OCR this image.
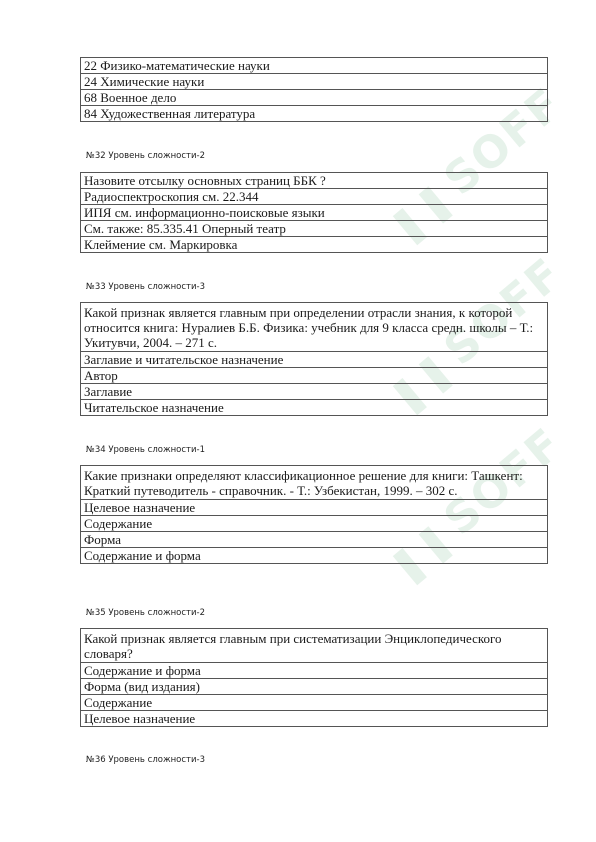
❚❚SOFF
❚❚SOFF
❚❚SOFF
22 Физико-математические науки
24 Химические науки
68 Военное дело
84 Художественная литература
№32 Уровень сложности-2
Назовите отсылку основных страниц ББК ?
Радиоспектроскопия см. 22.344
ИПЯ см. информационно-поисковые языки
См. также: 85.335.41 Оперный театр
Клеймение см. Маркировка
№33 Уровень сложности-3
Какой признак является главным при определении отрасли знания, к которой относится книга: Нуралиев Б.Б. Физика: учебник для 9 класса средн. школы – Т.: Укитувчи, 2004. – 271 с.
Заглавие и читательское назначение
Автор
Заглавие
Читательское назначение
№34 Уровень сложности-1
Какие признаки определяют классификационное решение для книги: Ташкент: Краткий путеводитель - справочник. - Т.: Узбекистан, 1999. – 302 с.
Целевое назначение
Содержание
Форма
Содержание и форма
№35 Уровень сложности-2
Какой признак является главным при систематизации Энциклопедического словаря?
Содержание и форма
Форма (вид издания)
Содержание
Целевое назначение
№36 Уровень сложности-3
